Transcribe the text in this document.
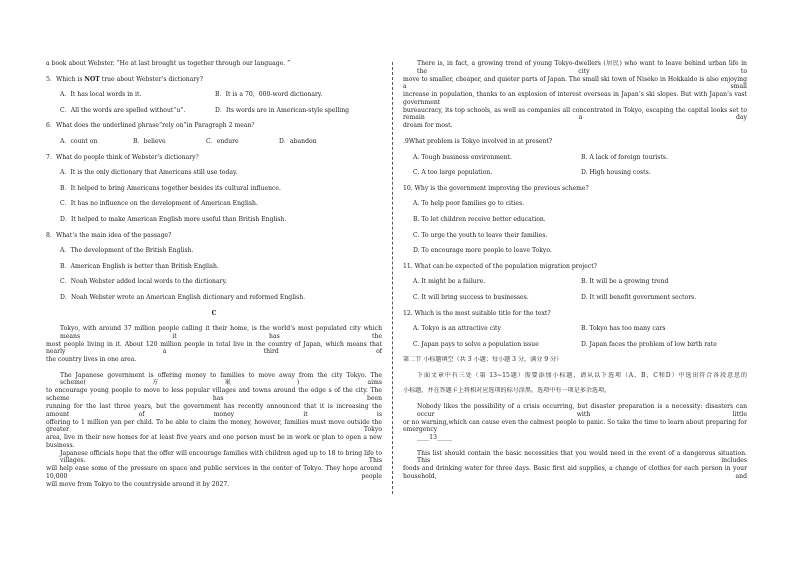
a book about Webster. “He at last brought us together through our language. ”
5．Which is NOT true about Webster’s dictionary?
A．It has local words in it.	B．It is a 70，000-word dictionary.
C．All the words are spelled without“u”.	D．Its words are in American-style spelling
6．What does the underlined phrase“rely on”in Paragraph 2 mean？
A．count on	B．believe	C．endure	D．abandon
7．What do people think of Webster’s dictionary？
A．It is the only dictionary that Americans still use today.
B．It helped to bring Americans together besides its cultural influence.
C．It has no influence on the development of American English.
D．It helped to make American English more useful than British English.
8．What’s the main idea of the passage?
A．The development of the British English.
B．American English is better than British English.
C．Noah Webster added local words to the dictionary.
D．Noah Webster wrote an American English dictionary and reformed English.
C
Tokyo, with around 37 million people calling it their home, is the world’s most populated city which means it has the
most people living in it. About 120 million people in total live in the country of Japan, which means that nearly a third of
the country lives in one area.
The Japanese government is offering money to families to move away from the city Tokyo. The scheme(方案) aims
to encourage young people to move to less popular villages and towns around the edge s of the city. The scheme has been
running for the last three years, but the government has recently announced that it is increasing the amount of money it is
offering to 1 million yen per child. To be able to claim the money, however, families must move outside the greater Tokyo
area, live in their new homes for at least five years and one person must be in work or plan to open a new business.
Japanese officials hope that the offer will encourage families with children aged up to 18 to bring life to villages. This
will help ease some of the pressure on space and public services in the center of Tokyo. They hope around 10,000 people
will move from Tokyo to the countryside around it by 2027.
There is, in fact, a growing trend of young Tokyo-dwellers (居民) who want to leave behind urban life in the city to
move to smaller, cheaper, and quieter parts of Japan. The small ski town of Niseko in Hokkaido is also enjoying a small
increase in population, thanks to an explosion of interest overseas in Japan’s ski slopes. But with Japan’s vast government
bureaucracy, its top schools, as well as companies all concentrated in Tokyo, escaping the capital looks set to remain a day
dream for most.
.9What problem is Tokyo involved in at present?
A. Tough business environment.	B. A lack of foreign tourists.
C. A too large population.	D. High housing costs.
10. Why is the government improving the previous scheme?
A. To help poor families go to cities.
B. To let children receive better education.
C. To urge the youth to leave their families.
D. To encourage more people to leave Tokyo.
11. What can be expected of the population migration project?
A. It might be a failure.	B. It will be a growing trend
C. It will bring success to businesses.	D. It will benefit government sectors.
12. Which is the most suitable title for the text?
A. Tokyo is an attractive city	B. Tokyo has too many cars
C. Japan pays to solve a population issue	D. Japan faces the problem of low birth rate
第二节 小标题填空（共 3 小题；每小题 3 分，满分 9 分）
下面文章中有三处（第 13~15题）需要添加小标题，请从以下选项（A、B、C和D）中选出符合各段意思的
小标题，并在答题卡上将相对应选项的标号涂黑。选项中有一项是多余选项。
Nobody likes the possibility of a crisis occurring, but disaster preparation is a necessity: disasters can occur with little
or no warning,which can cause even the calmest people to panic. So take the time to learn about preparing for emergency
____13_____
This list should contain the basic necessities that you would need in the event of a dangerous situation. This includes
foods and drinking water for three days. Basic first aid supplies, a change of clothes for each person in your household, and
